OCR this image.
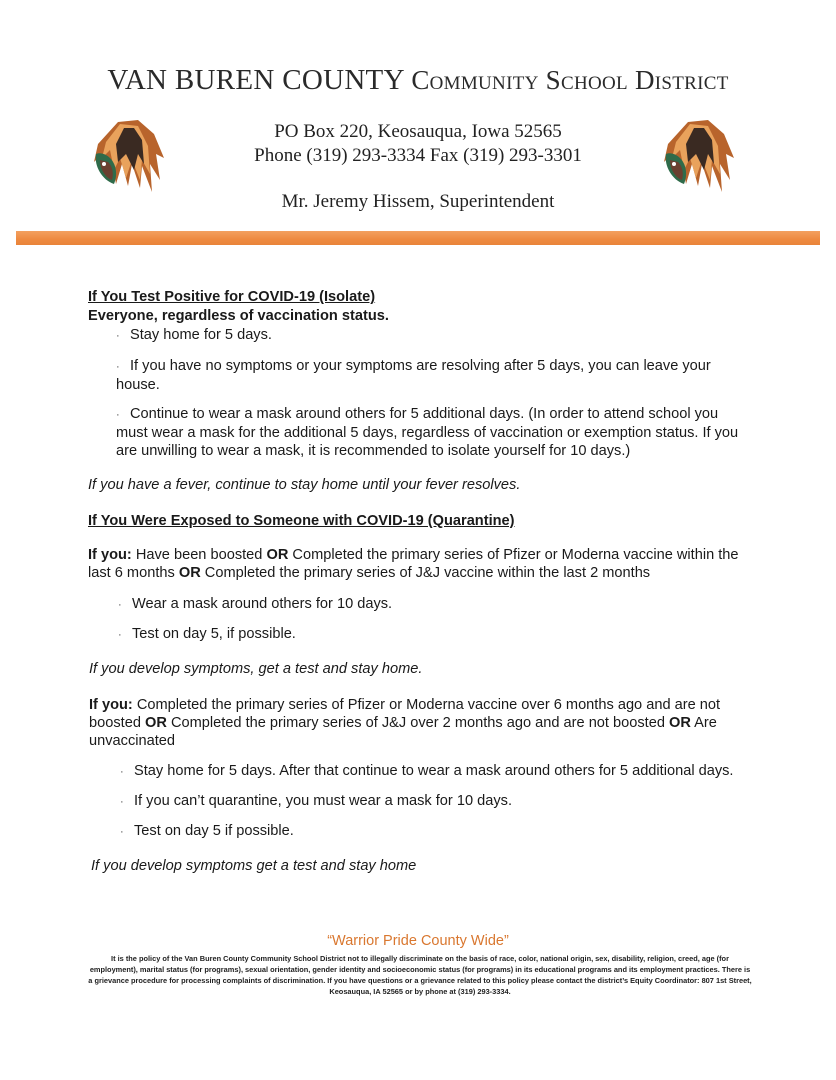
VAN BUREN COUNTY Community School District
PO Box 220, Keosauqua, Iowa 52565
Phone (319) 293-3334 Fax (319) 293-3301
Mr. Jeremy Hissem, Superintendent
If You Test Positive for COVID-19 (Isolate)
Everyone, regardless of vaccination status.
· Stay home for 5 days.
· If you have no symptoms or your symptoms are resolving after 5 days, you can leave your house.
· Continue to wear a mask around others for 5 additional days. (In order to attend school you must wear a mask for the additional 5 days, regardless of vaccination or exemption status. If you are unwilling to wear a mask, it is recommended to isolate yourself for 10 days.)
If you have a fever, continue to stay home until your fever resolves.
If You Were Exposed to Someone with COVID-19 (Quarantine)
If you: Have been boosted OR Completed the primary series of Pfizer or Moderna vaccine within the last 6 months OR Completed the primary series of J&J vaccine within the last 2 months
· Wear a mask around others for 10 days.
· Test on day 5, if possible.
If you develop symptoms, get a test and stay home.
If you: Completed the primary series of Pfizer or Moderna vaccine over 6 months ago and are not boosted OR Completed the primary series of J&J over 2 months ago and are not boosted OR Are unvaccinated
· Stay home for 5 days. After that continue to wear a mask around others for 5 additional days.
· If you can’t quarantine, you must wear a mask for 10 days.
· Test on day 5 if possible.
If you develop symptoms get a test and stay home
“Warrior Pride County Wide”
It is the policy of the Van Buren County Community School District not to illegally discriminate on the basis of race, color, national origin, sex, disability, religion, creed, age (for employment), marital status (for programs), sexual orientation, gender identity and socioeconomic status (for programs) in its educational programs and its employment practices. There is a grievance procedure for processing complaints of discrimination. If you have questions or a grievance related to this policy please contact the district’s Equity Coordinator: 807 1st Street, Keosauqua, IA 52565 or by phone at (319) 293-3334.
